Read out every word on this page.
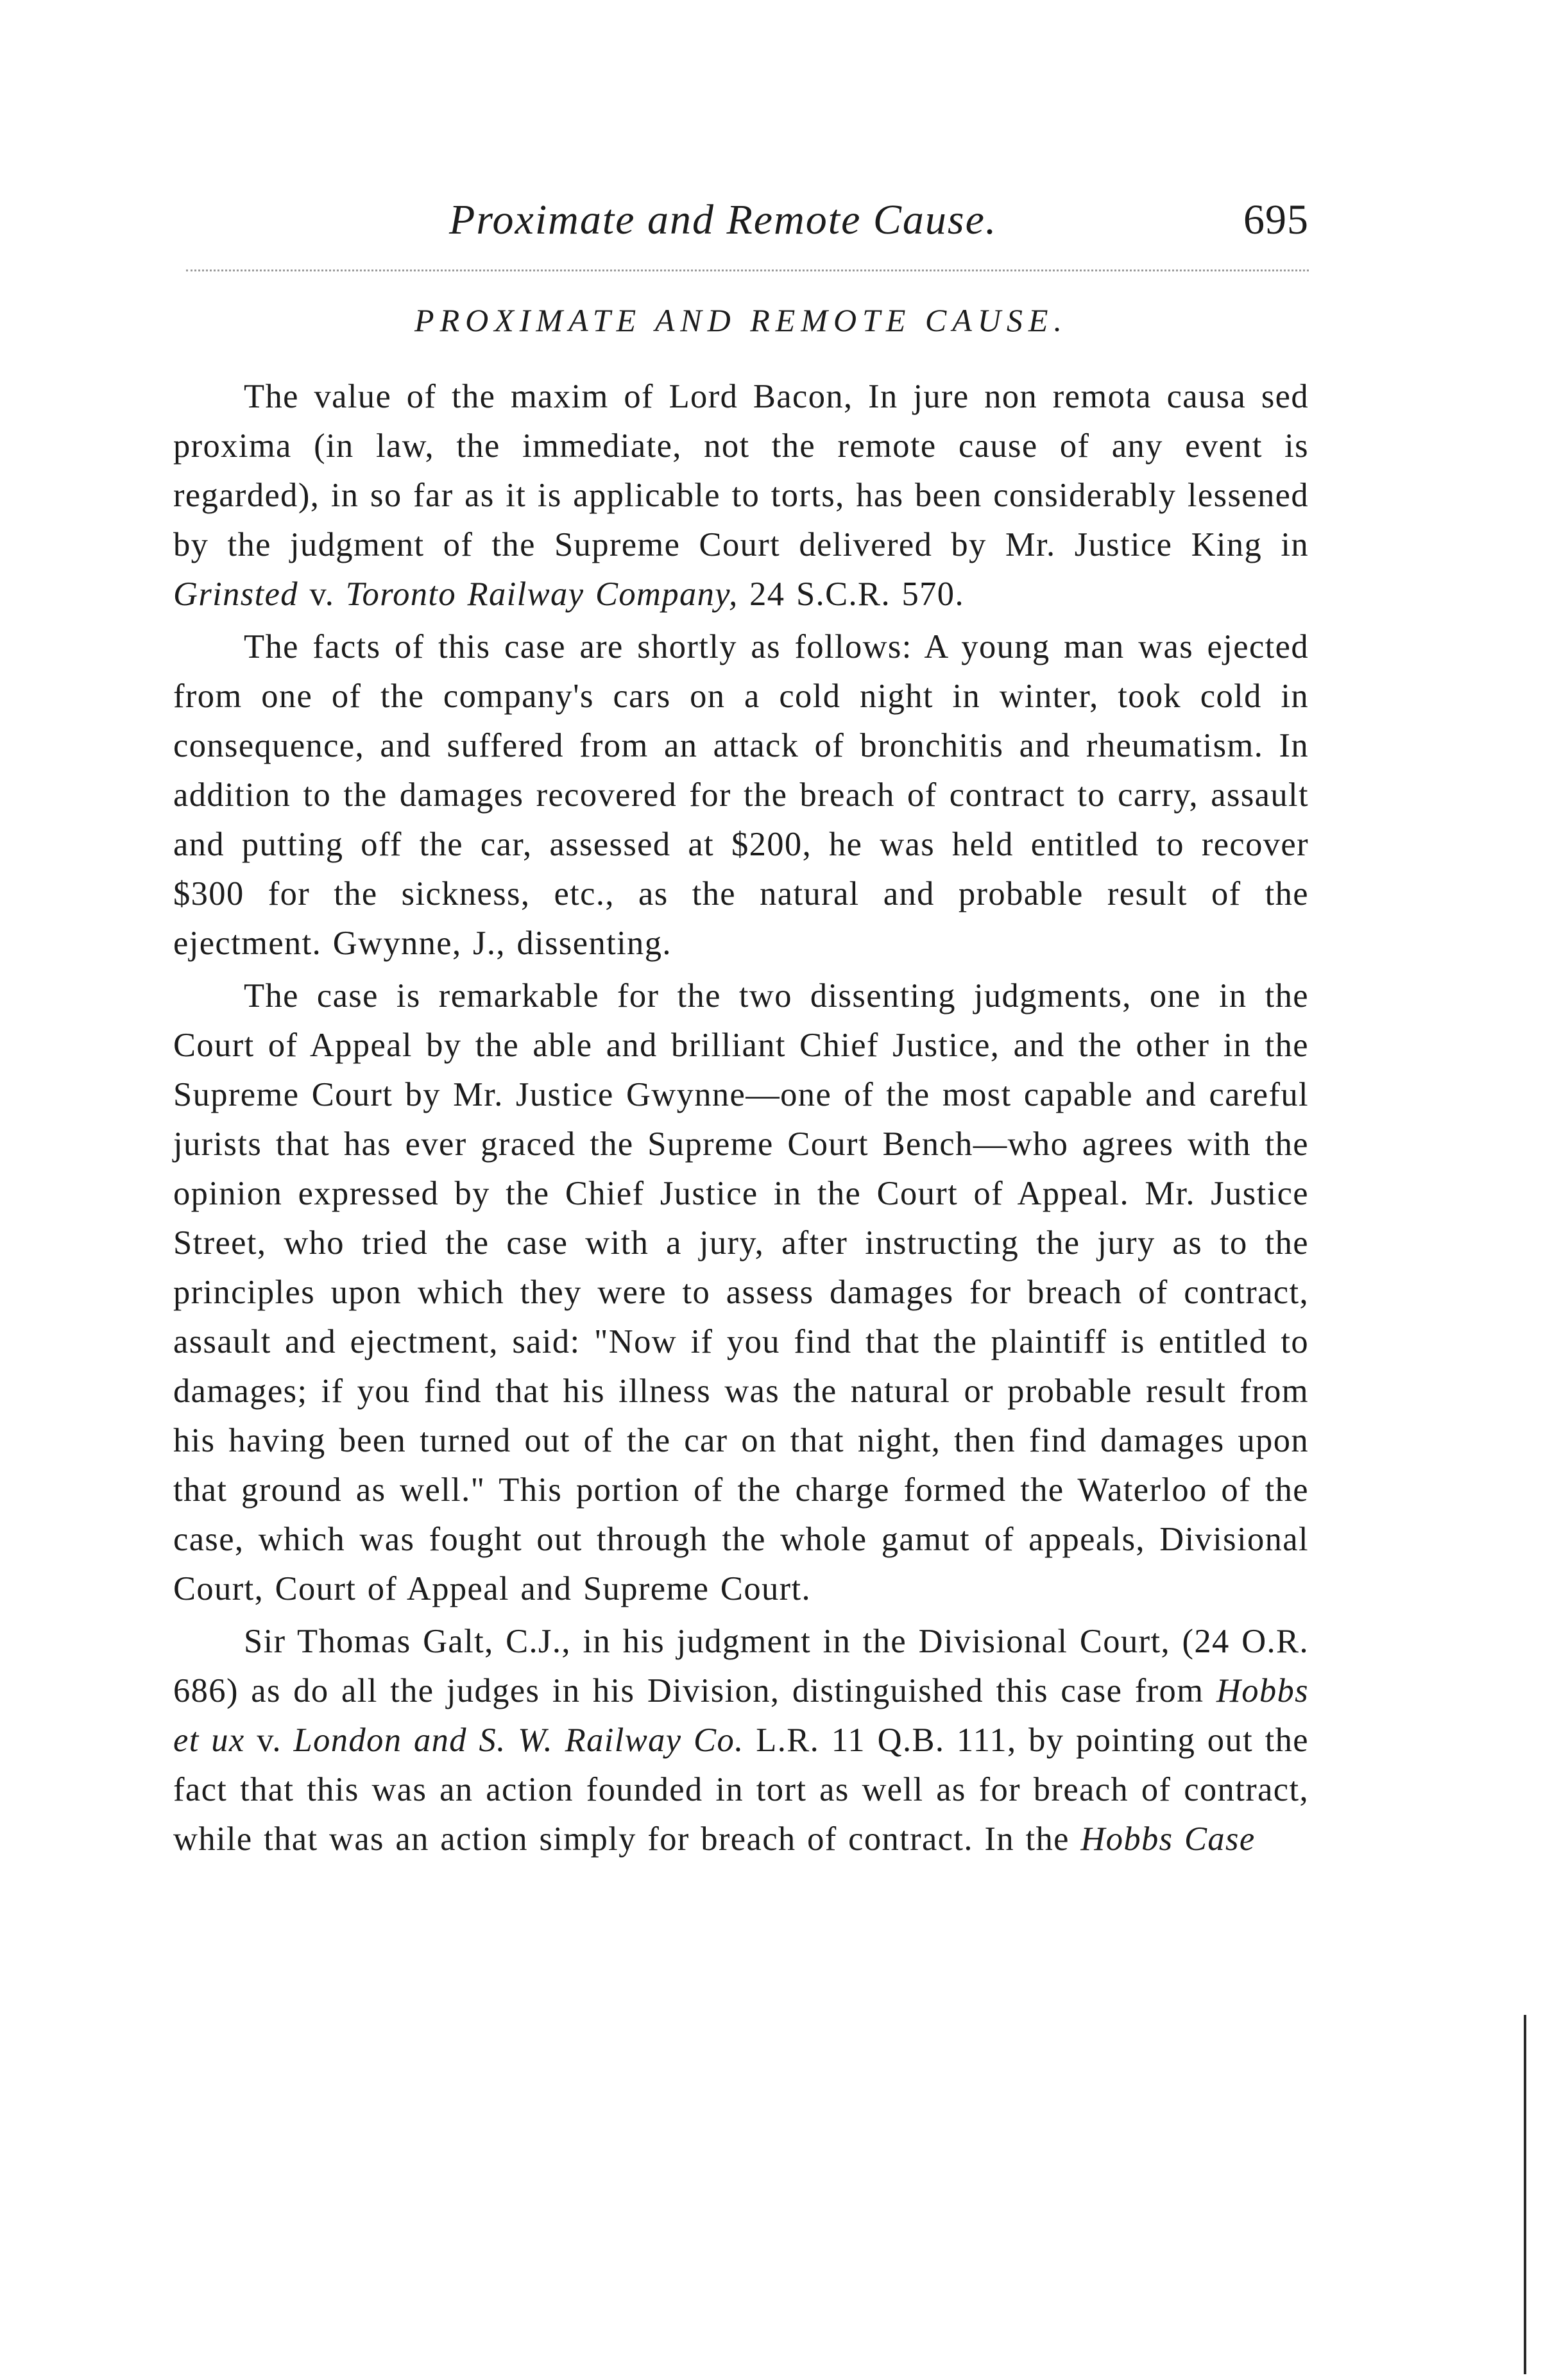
Proximate and Remote Cause.	695
PROXIMATE AND REMOTE CAUSE.

The value of the maxim of Lord Bacon, In jure non remota causa sed proxima (in law, the immediate, not the remote cause of any event is regarded), in so far as it is applicable to torts, has been considerably lessened by the judgment of the Supreme Court delivered by Mr. Justice King in Grinsted v. Toronto Railway Company, 24 S.C.R. 570.

The facts of this case are shortly as follows: A young man was ejected from one of the company's cars on a cold night in winter, took cold in consequence, and suffered from an attack of bronchitis and rheumatism. In addition to the damages recovered for the breach of contract to carry, assault and putting off the car, assessed at $200, he was held entitled to recover $300 for the sickness, etc., as the natural and probable result of the ejectment. Gwynne, J., dissenting.

The case is remarkable for the two dissenting judgments, one in the Court of Appeal by the able and brilliant Chief Justice, and the other in the Supreme Court by Mr. Justice Gwynne—one of the most capable and careful jurists that has ever graced the Supreme Court Bench—who agrees with the opinion expressed by the Chief Justice in the Court of Appeal. Mr. Justice Street, who tried the case with a jury, after instructing the jury as to the principles upon which they were to assess damages for breach of contract, assault and ejectment, said: "Now if you find that the plaintiff is entitled to damages; if you find that his illness was the natural or probable result from his having been turned out of the car on that night, then find damages upon that ground as well." This portion of the charge formed the Waterloo of the case, which was fought out through the whole gamut of appeals, Divisional Court, Court of Appeal and Supreme Court.

Sir Thomas Galt, C.J., in his judgment in the Divisional Court, (24 O.R. 686) as do all the judges in his Division, distinguished this case from Hobbs et ux v. London and S. W. Railway Co. L.R. 11 Q.B. 111, by pointing out the fact that this was an action founded in tort as well as for breach of contract, while that was an action simply for breach of contract. In the Hobbs Case
